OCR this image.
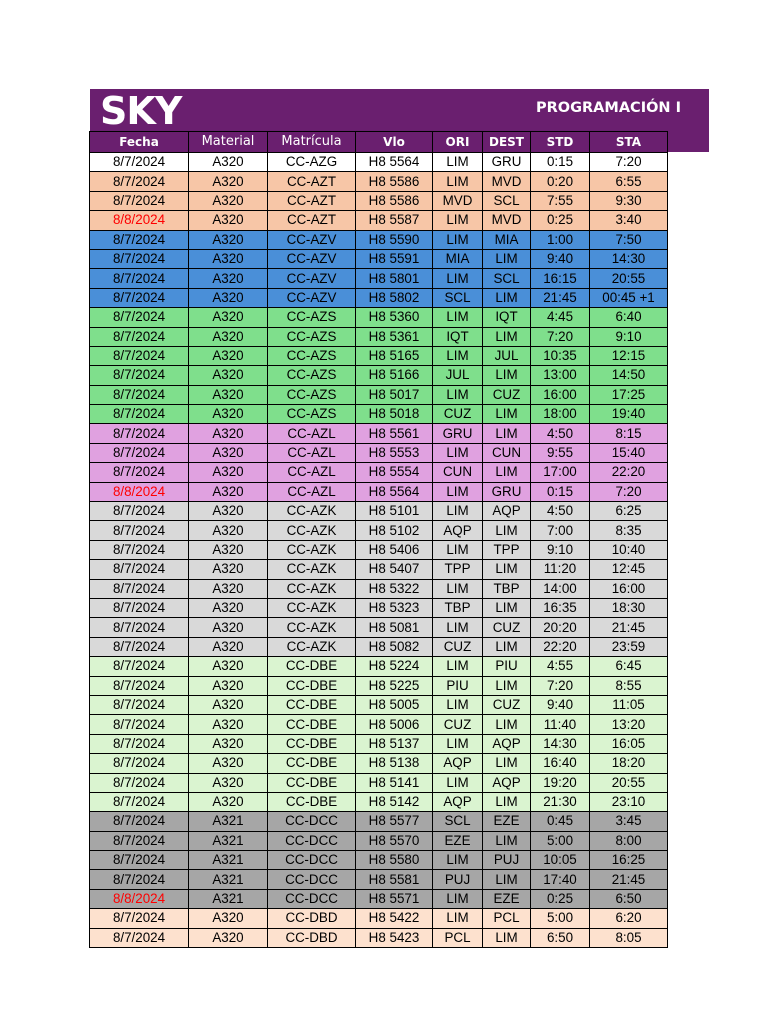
SKY	PROGRAMACIÓN I
Fecha	Material	Matrícula	Vlo	ORI	DEST	STD	STA
8/7/2024	A320	CC-AZG	H8 5564	LIM	GRU	0:15	7:20
8/7/2024	A320	CC-AZT	H8 5586	LIM	MVD	0:20	6:55
8/7/2024	A320	CC-AZT	H8 5586	MVD	SCL	7:55	9:30
8/8/2024	A320	CC-AZT	H8 5587	LIM	MVD	0:25	3:40
8/7/2024	A320	CC-AZV	H8 5590	LIM	MIA	1:00	7:50
8/7/2024	A320	CC-AZV	H8 5591	MIA	LIM	9:40	14:30
8/7/2024	A320	CC-AZV	H8 5801	LIM	SCL	16:15	20:55
8/7/2024	A320	CC-AZV	H8 5802	SCL	LIM	21:45	00:45 +1
8/7/2024	A320	CC-AZS	H8 5360	LIM	IQT	4:45	6:40
8/7/2024	A320	CC-AZS	H8 5361	IQT	LIM	7:20	9:10
8/7/2024	A320	CC-AZS	H8 5165	LIM	JUL	10:35	12:15
8/7/2024	A320	CC-AZS	H8 5166	JUL	LIM	13:00	14:50
8/7/2024	A320	CC-AZS	H8 5017	LIM	CUZ	16:00	17:25
8/7/2024	A320	CC-AZS	H8 5018	CUZ	LIM	18:00	19:40
8/7/2024	A320	CC-AZL	H8 5561	GRU	LIM	4:50	8:15
8/7/2024	A320	CC-AZL	H8 5553	LIM	CUN	9:55	15:40
8/7/2024	A320	CC-AZL	H8 5554	CUN	LIM	17:00	22:20
8/8/2024	A320	CC-AZL	H8 5564	LIM	GRU	0:15	7:20
8/7/2024	A320	CC-AZK	H8 5101	LIM	AQP	4:50	6:25
8/7/2024	A320	CC-AZK	H8 5102	AQP	LIM	7:00	8:35
8/7/2024	A320	CC-AZK	H8 5406	LIM	TPP	9:10	10:40
8/7/2024	A320	CC-AZK	H8 5407	TPP	LIM	11:20	12:45
8/7/2024	A320	CC-AZK	H8 5322	LIM	TBP	14:00	16:00
8/7/2024	A320	CC-AZK	H8 5323	TBP	LIM	16:35	18:30
8/7/2024	A320	CC-AZK	H8 5081	LIM	CUZ	20:20	21:45
8/7/2024	A320	CC-AZK	H8 5082	CUZ	LIM	22:20	23:59
8/7/2024	A320	CC-DBE	H8 5224	LIM	PIU	4:55	6:45
8/7/2024	A320	CC-DBE	H8 5225	PIU	LIM	7:20	8:55
8/7/2024	A320	CC-DBE	H8 5005	LIM	CUZ	9:40	11:05
8/7/2024	A320	CC-DBE	H8 5006	CUZ	LIM	11:40	13:20
8/7/2024	A320	CC-DBE	H8 5137	LIM	AQP	14:30	16:05
8/7/2024	A320	CC-DBE	H8 5138	AQP	LIM	16:40	18:20
8/7/2024	A320	CC-DBE	H8 5141	LIM	AQP	19:20	20:55
8/7/2024	A320	CC-DBE	H8 5142	AQP	LIM	21:30	23:10
8/7/2024	A321	CC-DCC	H8 5577	SCL	EZE	0:45	3:45
8/7/2024	A321	CC-DCC	H8 5570	EZE	LIM	5:00	8:00
8/7/2024	A321	CC-DCC	H8 5580	LIM	PUJ	10:05	16:25
8/7/2024	A321	CC-DCC	H8 5581	PUJ	LIM	17:40	21:45
8/8/2024	A321	CC-DCC	H8 5571	LIM	EZE	0:25	6:50
8/7/2024	A320	CC-DBD	H8 5422	LIM	PCL	5:00	6:20
8/7/2024	A320	CC-DBD	H8 5423	PCL	LIM	6:50	8:05
